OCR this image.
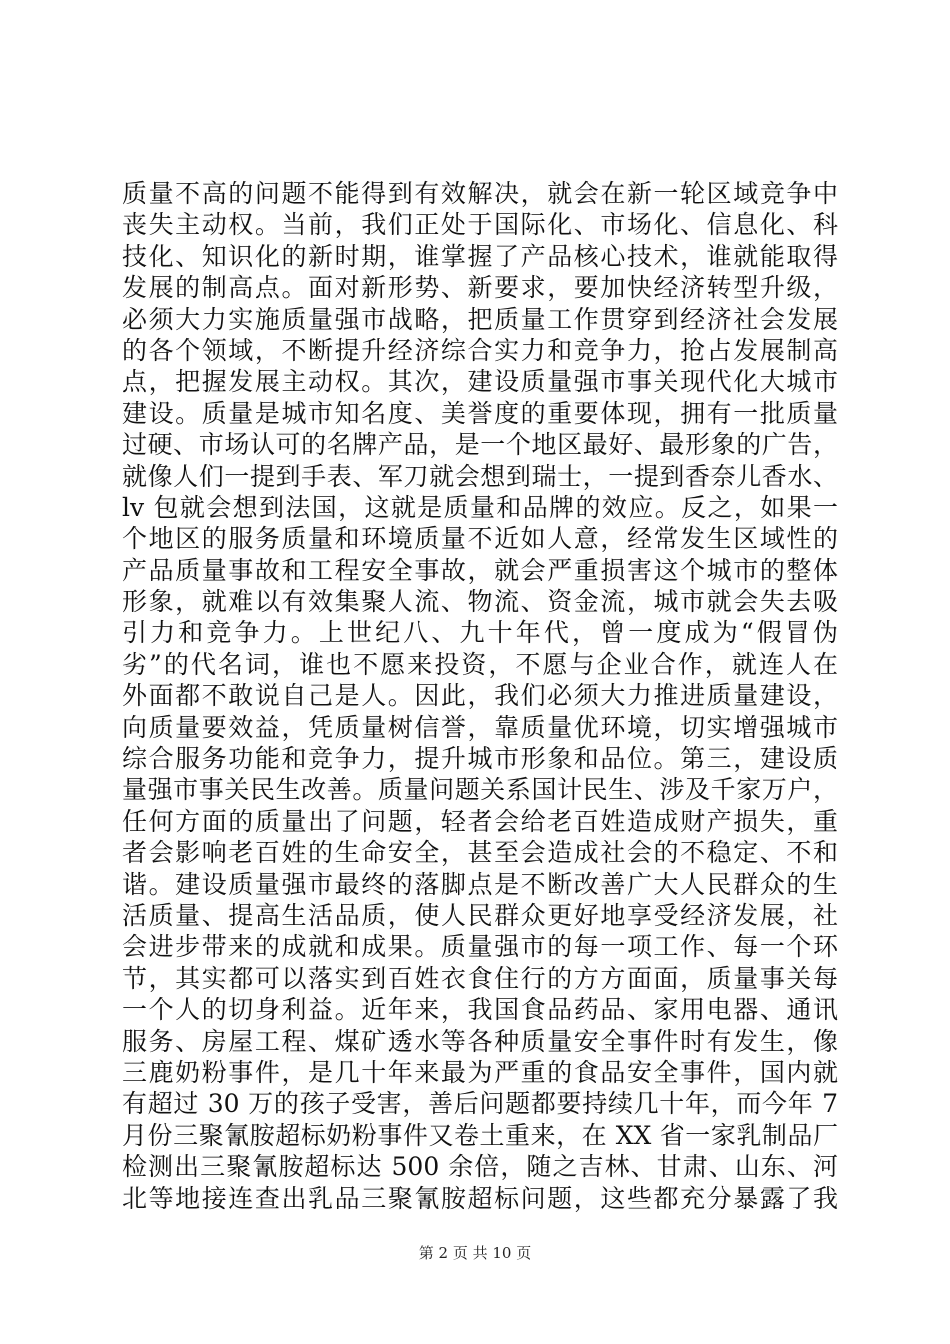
质量不高的问题不能得到有效解决，就会在新一轮区域竞争中
丧失主动权。当前，我们正处于国际化、市场化、信息化、科
技化、知识化的新时期，谁掌握了产品核心技术，谁就能取得
发展的制高点。面对新形势、新要求，要加快经济转型升级，
必须大力实施质量强市战略，把质量工作贯穿到经济社会发展
的各个领域，不断提升经济综合实力和竞争力，抢占发展制高
点，把握发展主动权。其次，建设质量强市事关现代化大城市
建设。质量是城市知名度、美誉度的重要体现，拥有一批质量
过硬、市场认可的名牌产品，是一个地区最好、最形象的广告，
就像人们一提到手表、军刀就会想到瑞士，一提到香奈儿香水、
lv 包就会想到法国，这就是质量和品牌的效应。反之，如果一
个地区的服务质量和环境质量不近如人意，经常发生区域性的
产品质量事故和工程安全事故，就会严重损害这个城市的整体
形象，就难以有效集聚人流、物流、资金流，城市就会失去吸
引力和竞争力。上世纪八、九十年代，曾一度成为“假冒伪
劣”的代名词，谁也不愿来投资，不愿与企业合作，就连人在
外面都不敢说自己是人。因此，我们必须大力推进质量建设，
向质量要效益，凭质量树信誉，靠质量优环境，切实增强城市
综合服务功能和竞争力，提升城市形象和品位。第三，建设质
量强市事关民生改善。质量问题关系国计民生、涉及千家万户，
任何方面的质量出了问题，轻者会给老百姓造成财产损失，重
者会影响老百姓的生命安全，甚至会造成社会的不稳定、不和
谐。建设质量强市最终的落脚点是不断改善广大人民群众的生
活质量、提高生活品质，使人民群众更好地享受经济发展，社
会进步带来的成就和成果。质量强市的每一项工作、每一个环
节，其实都可以落实到百姓衣食住行的方方面面，质量事关每
一个人的切身利益。近年来，我国食品药品、家用电器、通讯
服务、房屋工程、煤矿透水等各种质量安全事件时有发生，像
三鹿奶粉事件，是几十年来最为严重的食品安全事件，国内就
有超过 30 万的孩子受害，善后问题都要持续几十年，而今年 7
月份三聚氰胺超标奶粉事件又卷土重来，在 XX 省一家乳制品厂
检测出三聚氰胺超标达 500 余倍，随之吉林、甘肃、山东、河
北等地接连查出乳品三聚氰胺超标问题，这些都充分暴露了我
第 2 页 共 10 页
